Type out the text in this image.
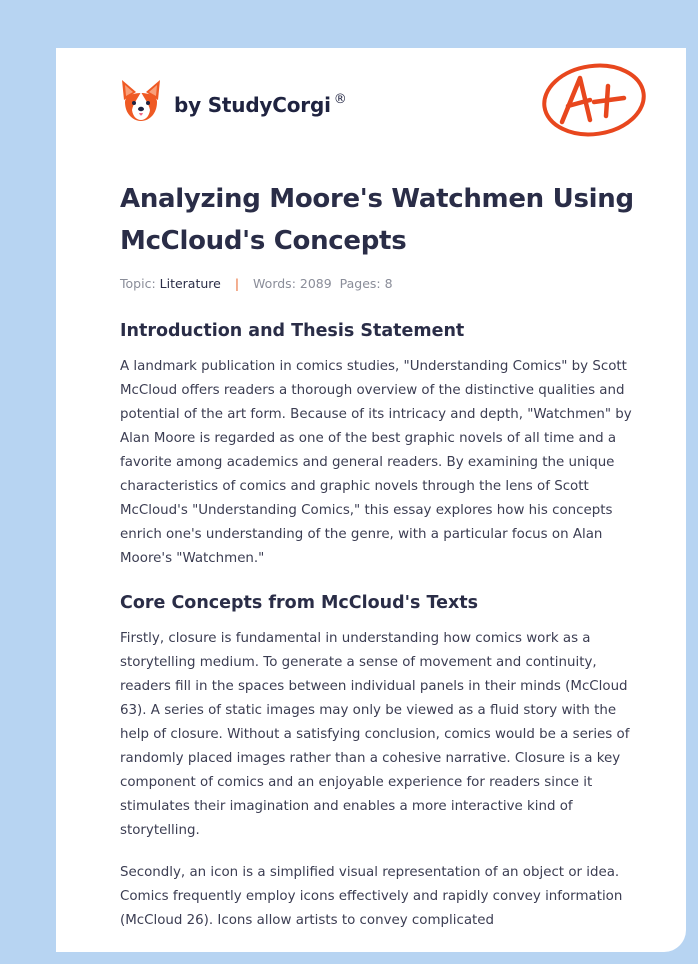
by StudyCorgi ®
A+
Analyzing Moore's Watchmen Using McCloud's Concepts
Topic: Literature | Words: 2089 Pages: 8
Introduction and Thesis Statement

A landmark publication in comics studies, "Understanding Comics" by Scott McCloud offers readers a thorough overview of the distinctive qualities and potential of the art form. Because of its intricacy and depth, "Watchmen" by Alan Moore is regarded as one of the best graphic novels of all time and a favorite among academics and general readers. By examining the unique characteristics of comics and graphic novels through the lens of Scott McCloud's "Understanding Comics," this essay explores how his concepts enrich one's understanding of the genre, with a particular focus on Alan Moore's "Watchmen."

Core Concepts from McCloud's Texts

Firstly, closure is fundamental in understanding how comics work as a storytelling medium. To generate a sense of movement and continuity, readers fill in the spaces between individual panels in their minds (McCloud 63). A series of static images may only be viewed as a fluid story with the help of closure. Without a satisfying conclusion, comics would be a series of randomly placed images rather than a cohesive narrative. Closure is a key component of comics and an enjoyable experience for readers since it stimulates their imagination and enables a more interactive kind of storytelling.

Secondly, an icon is a simplified visual representation of an object or idea. Comics frequently employ icons effectively and rapidly convey information (McCloud 26). Icons allow artists to convey complicated
